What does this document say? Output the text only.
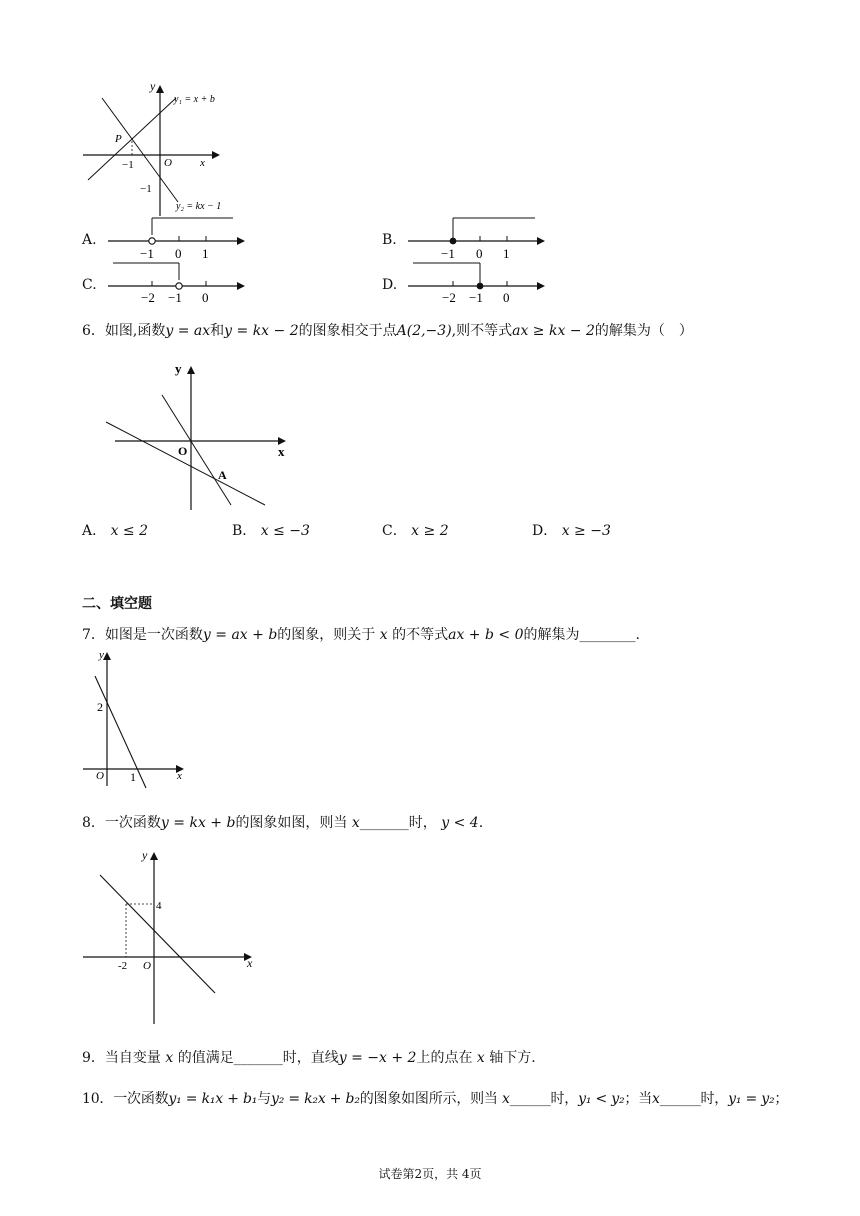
y
y₁ = x + b
P
−1	O	x
−1
y₂ = kx − 1
A.
−1 0 1
B.
−1 0 1
C.
−2 −1 0
D.
−2 −1 0
6．如图,函数y = ax和y = kx − 2的图象相交于点A(2,−3),则不等式ax ≥ kx − 2的解集为（　）
y
O	x
A
A． x ≤ 2	B． x ≤ −3	C． x ≥ 2	D． x ≥ −3
二、填空题
7．如图是一次函数y = ax + b的图象，则关于 x 的不等式ax + b < 0的解集为________.
y
2
O 1	x
8．一次函数y = kx + b的图象如图，则当 x_______时， y < 4.
y
4
-2 O	x
9．当自变量 x 的值满足_______时，直线y = −x + 2上的点在 x 轴下方.
10．一次函数y₁ = k₁x + b₁与y₂ = k₂x + b₂的图象如图所示，则当 x______时，y₁ < y₂；当x______时，y₁ = y₂；
试卷第2页，共 4页
